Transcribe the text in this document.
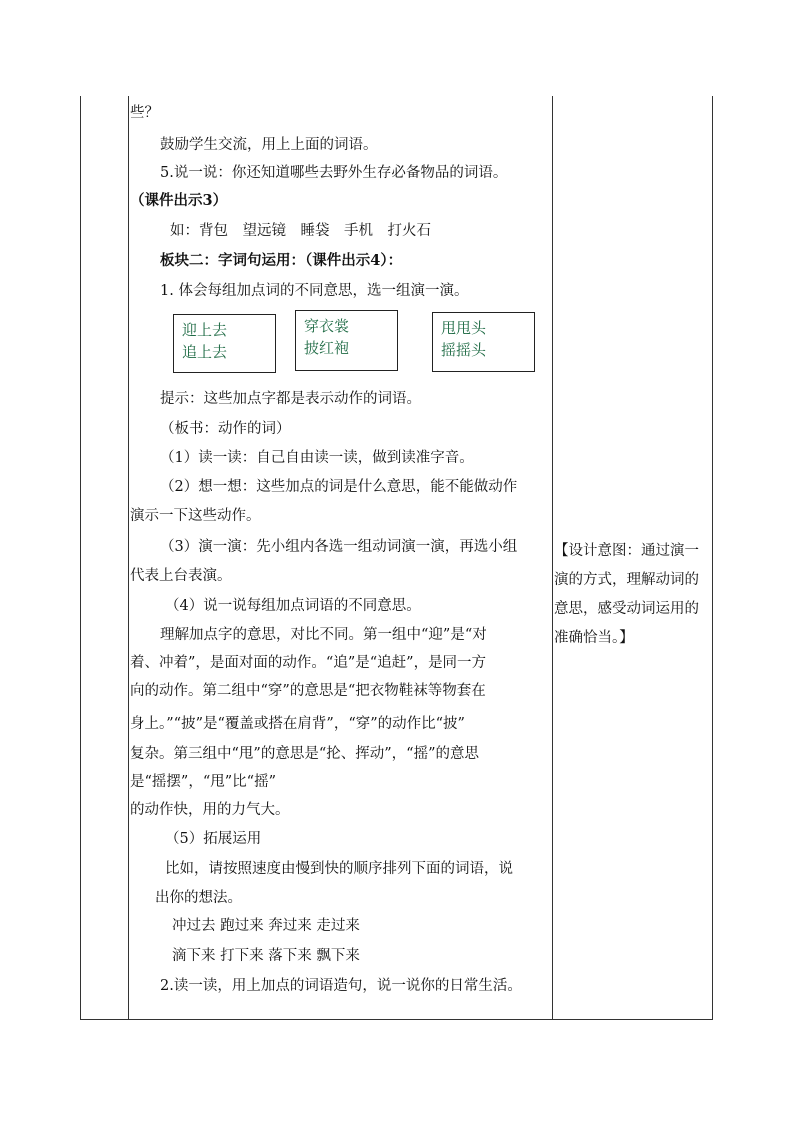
些？
鼓励学生交流，用上上面的词语。
5.说一说：你还知道哪些去野外生存必备物品的词语。
（课件出示3）
如：背包　望远镜　睡袋　手机　打火石
板块二：字词句运用：（课件出示4）：
1. 体会每组加点词的不同意思，选一组演一演。
迎上去
追上去
穿衣裳
披红袍
甩甩头
摇摇头
提示：这些加点字都是表示动作的词语。
（板书：动作的词）
（1）读一读：自己自由读一读，做到读准字音。
（2）想一想：这些加点的词是什么意思，能不能做动作
演示一下这些动作。
（3）演一演：先小组内各选一组动词演一演，再选小组
代表上台表演。
（4）说一说每组加点词语的不同意思。
理解加点字的意思，对比不同。第一组中“迎”是“对
着、冲着”，是面对面的动作。“追”是“追赶”，是同一方
向的动作。第二组中“穿”的意思是“把衣物鞋袜等物套在
身上。”“披”是“覆盖或搭在肩背”，“穿”的动作比“披”
复杂。第三组中“甩”的意思是“抡、挥动”，“摇”的意思
是“摇摆”，“甩”比“摇”
的动作快，用的力气大。
（5）拓展运用
比如，请按照速度由慢到快的顺序排列下面的词语，说
出你的想法。
冲过去 跑过来 奔过来 走过来
滴下来 打下来 落下来 飘下来
2.读一读，用上加点的词语造句，说一说你的日常生活。
【设计意图：通过演一
演的方式，理解动词的
意思，感受动词运用的
准确恰当。】
